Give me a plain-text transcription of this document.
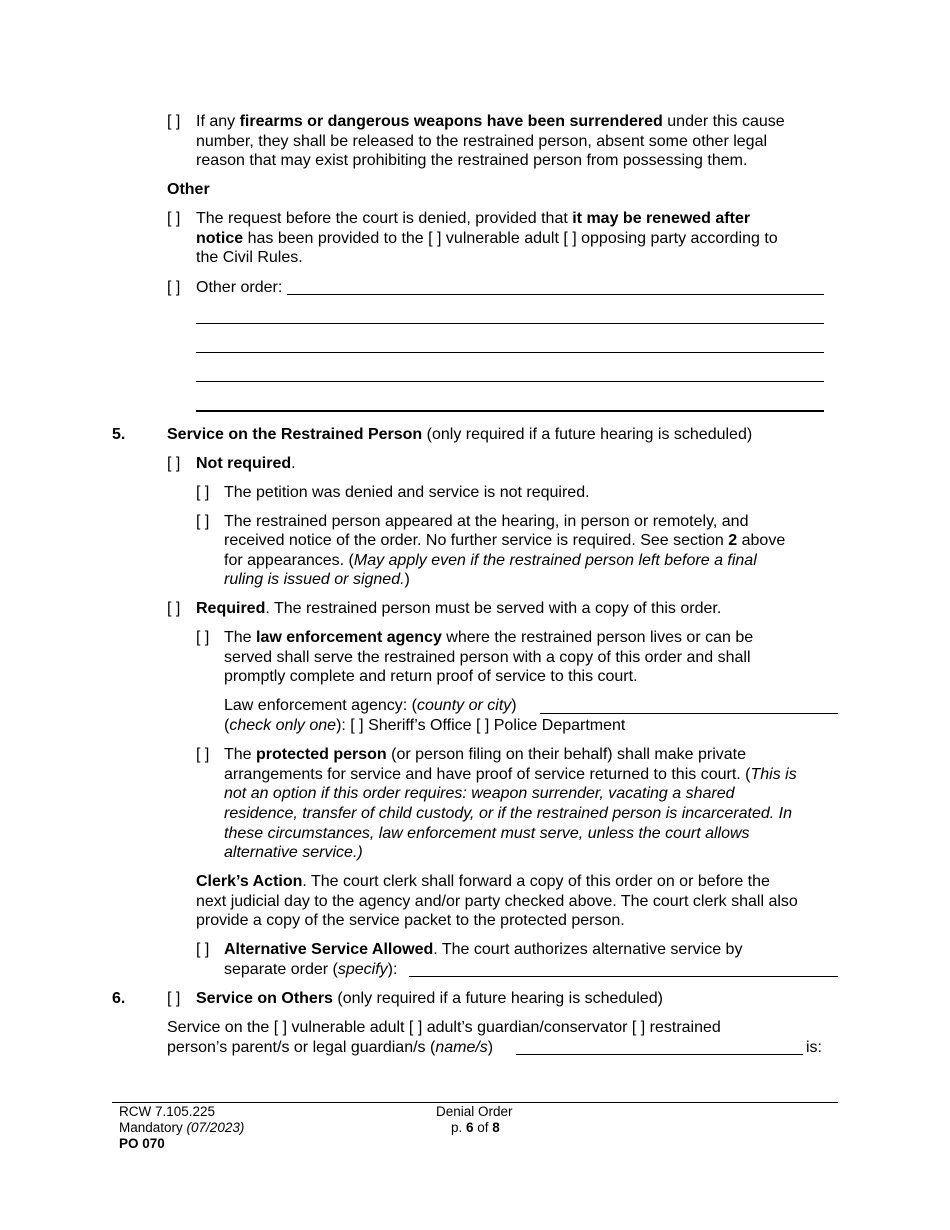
[ ] If any firearms or dangerous weapons have been surrendered under this cause
number, they shall be released to the restrained person, absent some other legal
reason that may exist prohibiting the restrained person from possessing them.
Other
[ ] The request before the court is denied, provided that it may be renewed after
notice has been provided to the [ ] vulnerable adult [ ] opposing party according to
the Civil Rules.
[ ] Other order:
5.	Service on the Restrained Person (only required if a future hearing is scheduled)
[ ] Not required.
[ ] The petition was denied and service is not required.
[ ] The restrained person appeared at the hearing, in person or remotely, and
received notice of the order. No further service is required. See section 2 above
for appearances. (May apply even if the restrained person left before a final
ruling is issued or signed.)
[ ] Required. The restrained person must be served with a copy of this order.
[ ] The law enforcement agency where the restrained person lives or can be
served shall serve the restrained person with a copy of this order and shall
promptly complete and return proof of service to this court.
Law enforcement agency: (county or city)
(check only one): [ ] Sheriff’s Office [ ] Police Department
[ ] The protected person (or person filing on their behalf) shall make private
arrangements for service and have proof of service returned to this court. (This is
not an option if this order requires: weapon surrender, vacating a shared
residence, transfer of child custody, or if the restrained person is incarcerated. In
these circumstances, law enforcement must serve, unless the court allows
alternative service.)
Clerk’s Action. The court clerk shall forward a copy of this order on or before the
next judicial day to the agency and/or party checked above. The court clerk shall also
provide a copy of the service packet to the protected person.
[ ] Alternative Service Allowed. The court authorizes alternative service by
separate order (specify):
6.	[ ] Service on Others (only required if a future hearing is scheduled)
Service on the [ ] vulnerable adult [ ] adult’s guardian/conservator [ ] restrained
person’s parent/s or legal guardian/s (name/s)	is:
RCW 7.105.225
Mandatory (07/2023)
PO 070
Denial Order
p. 6 of 8
